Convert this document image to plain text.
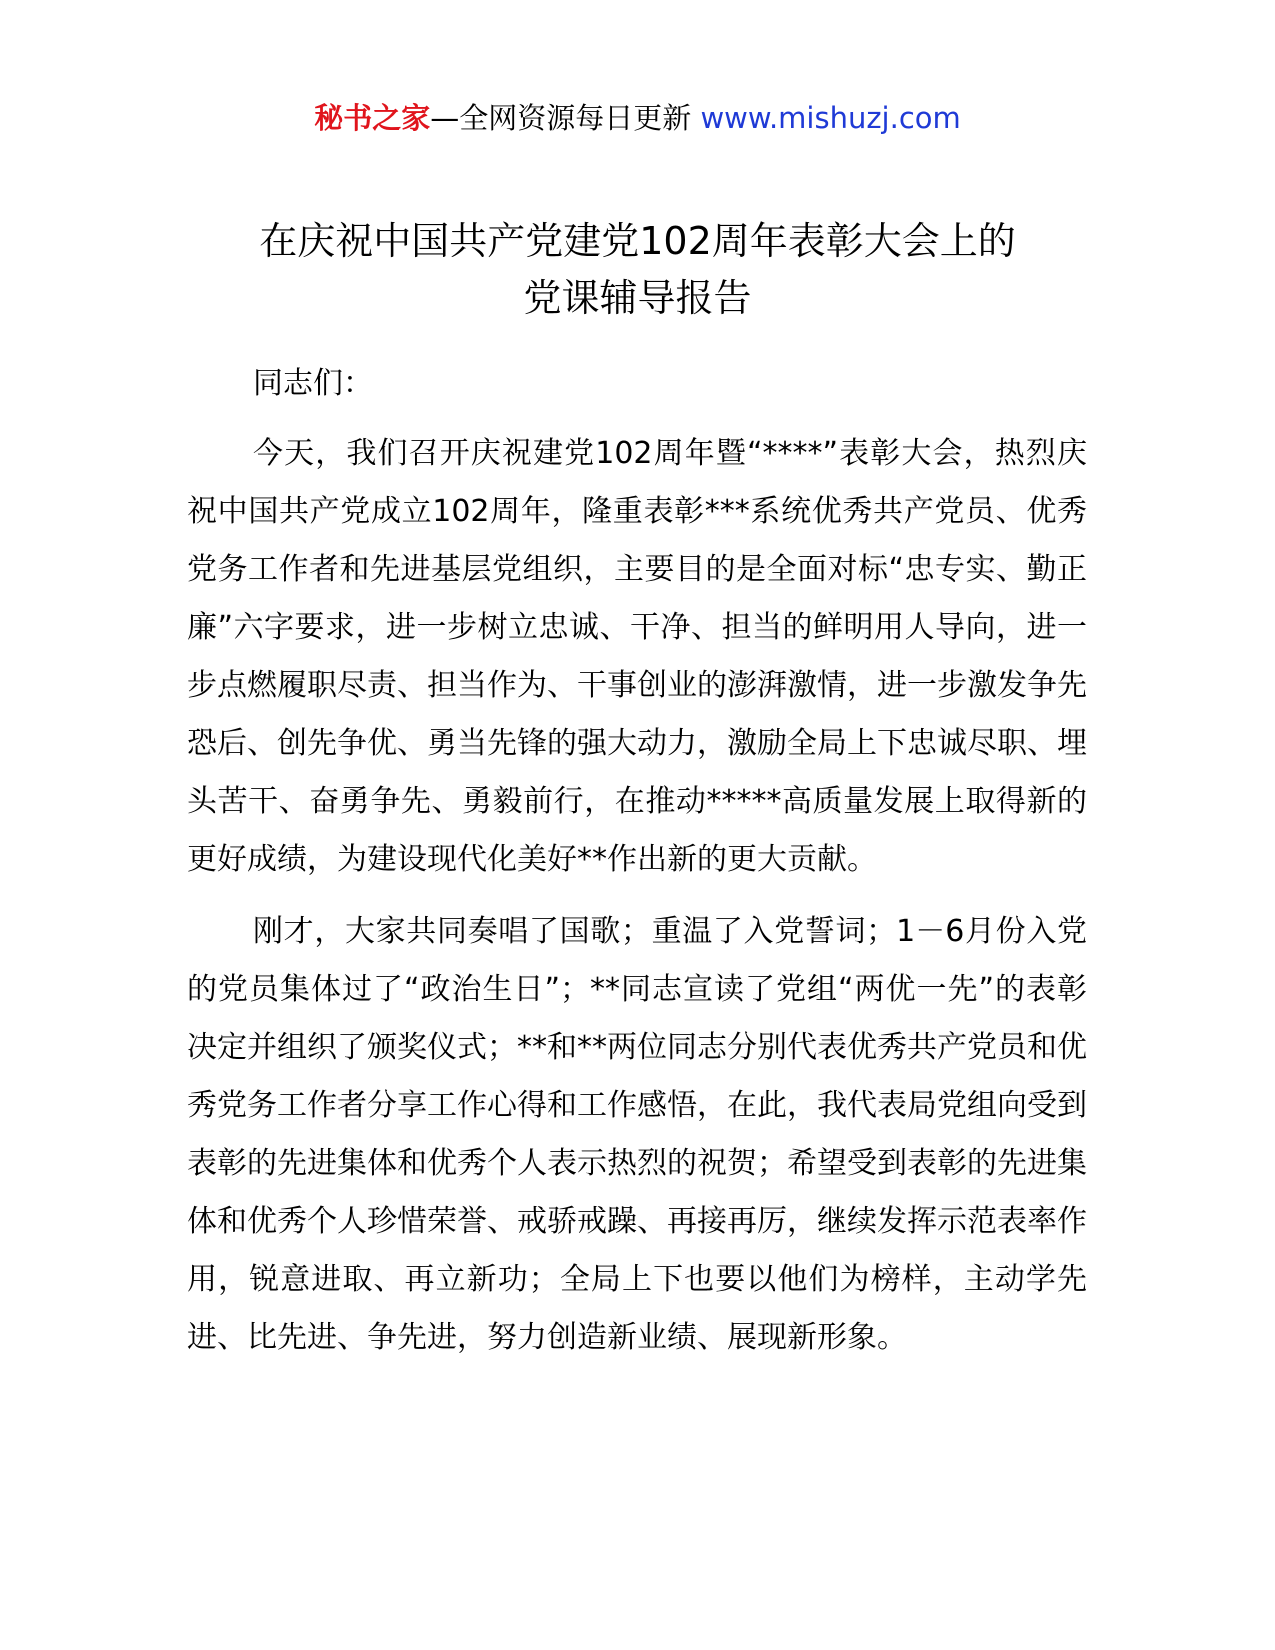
秘书之家—全网资源每日更新 www.mishuzj.com
在庆祝中国共产党建党102周年表彰大会上的
党课辅导报告

同志们：

今天，我们召开庆祝建党102周年暨“****”表彰大会，热烈庆祝中国共产党成立102周年，隆重表彰***系统优秀共产党员、优秀党务工作者和先进基层党组织，主要目的是全面对标“忠专实、勤正廉”六字要求，进一步树立忠诚、干净、担当的鲜明用人导向，进一步点燃履职尽责、担当作为、干事创业的澎湃激情，进一步激发争先恐后、创先争优、勇当先锋的强大动力，激励全局上下忠诚尽职、埋头苦干、奋勇争先、勇毅前行，在推动*****高质量发展上取得新的更好成绩，为建设现代化美好**作出新的更大贡献。

刚才，大家共同奏唱了国歌；重温了入党誓词；1－6月份入党的党员集体过了“政治生日”；**同志宣读了党组“两优一先”的表彰决定并组织了颁奖仪式；**和**两位同志分别代表优秀共产党员和优秀党务工作者分享工作心得和工作感悟，在此，我代表局党组向受到表彰的先进集体和优秀个人表示热烈的祝贺；希望受到表彰的先进集体和优秀个人珍惜荣誉、戒骄戒躁、再接再厉，继续发挥示范表率作用，锐意进取、再立新功；全局上下也要以他们为榜样，主动学先进、比先进、争先进，努力创造新业绩、展现新形象。
